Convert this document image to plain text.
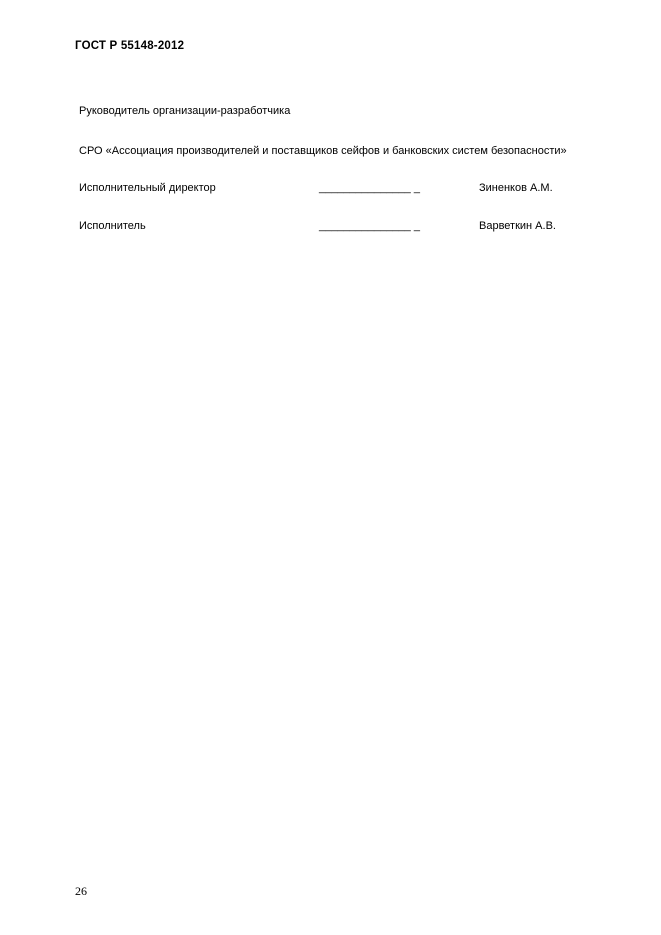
ГОСТ Р 55148-2012
Руководитель организации-разработчика
СРО «Ассоциация производителей и поставщиков сейфов и банковских систем безопасности»
Исполнительный директор	_______________ _	Зиненков А.М.
Исполнитель	_______________ _	Варветкин А.В.
26
